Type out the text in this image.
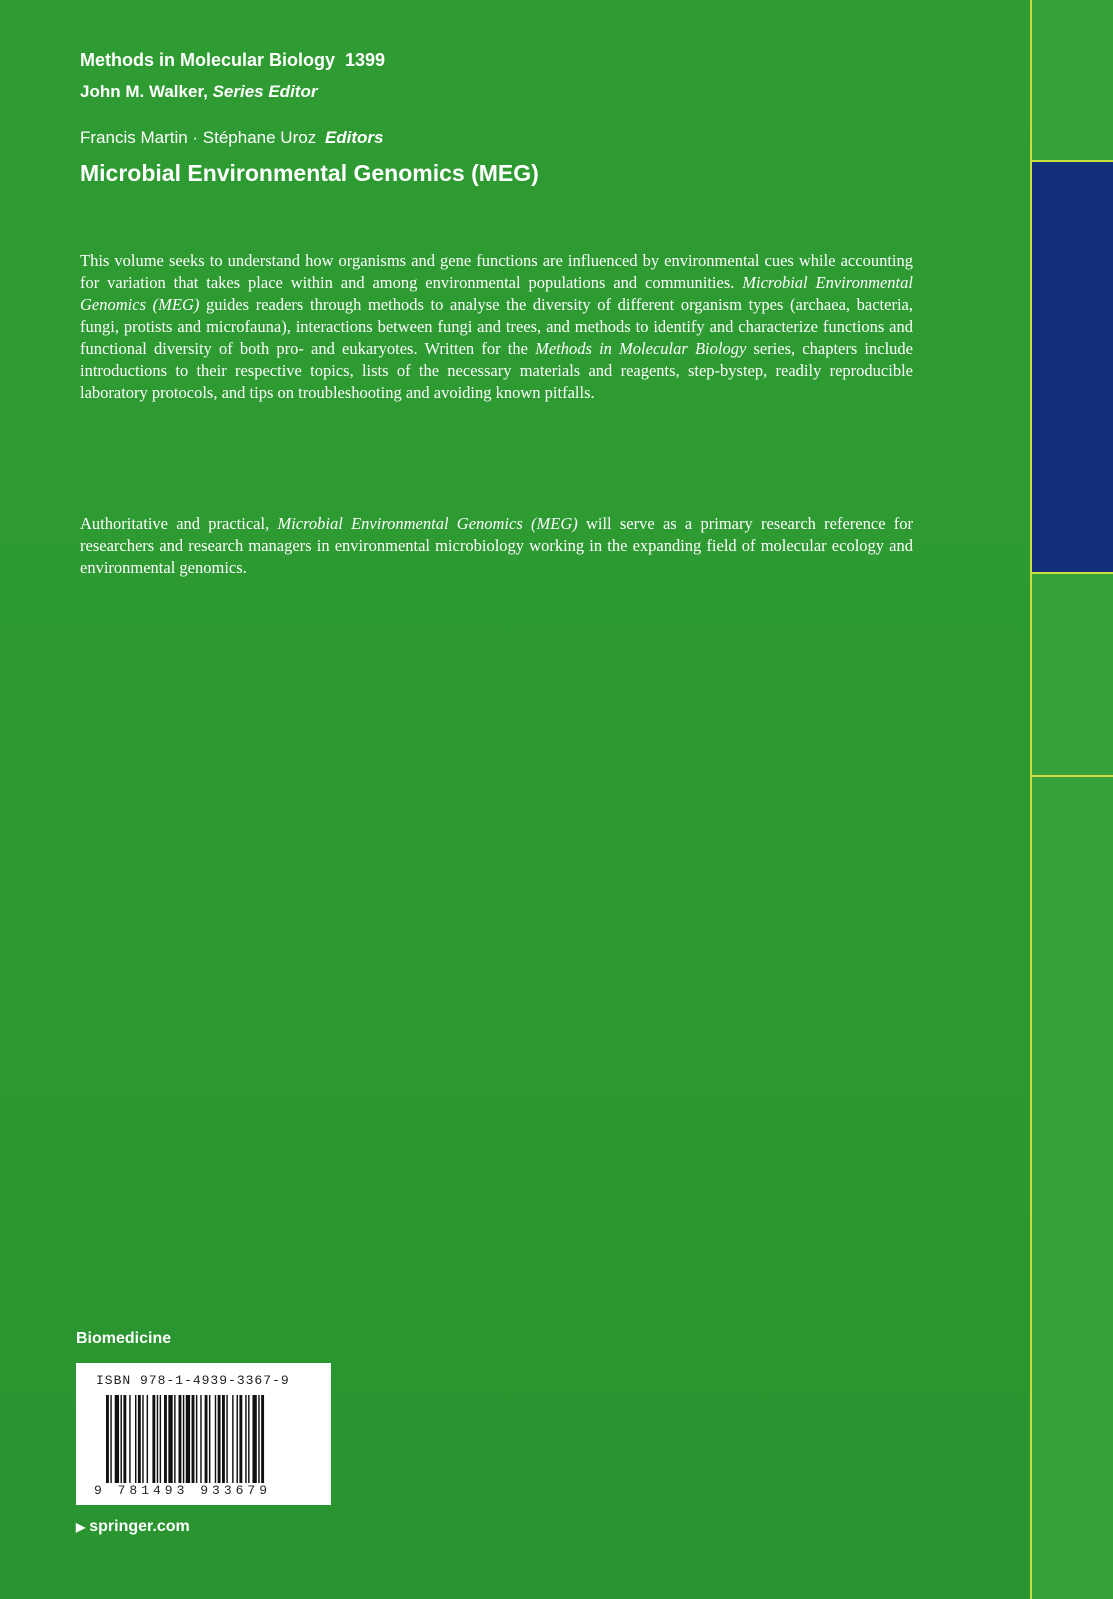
Methods in Molecular Biology 1399
John M. Walker, Series Editor
Francis Martin · Stéphane Uroz Editors
Microbial Environmental Genomics (MEG)

This volume seeks to understand how organisms and gene functions are influenced by environmental cues while accounting for variation that takes place within and among environmental populations and communities. Microbial Environmental Genomics (MEG) guides readers through methods to analyse the diversity of different organism types (archaea, bacteria, fungi, protists and microfauna), interactions between fungi and trees, and methods to identify and characterize functions and functional diversity of both pro- and eukaryotes. Written for the Methods in Molecular Biology series, chapters include introductions to their respective topics, lists of the necessary materials and reagents, step-bystep, readily reproducible laboratory protocols, and tips on troubleshooting and avoiding known pitfalls.

Authoritative and practical, Microbial Environmental Genomics (MEG) will serve as a primary research reference for researchers and research managers in environmental microbiology working in the expanding field of molecular ecology and environmental genomics.

Biomedicine
ISBN 978-1-4939-3367-9
9 781493 933679
▶ springer.com
